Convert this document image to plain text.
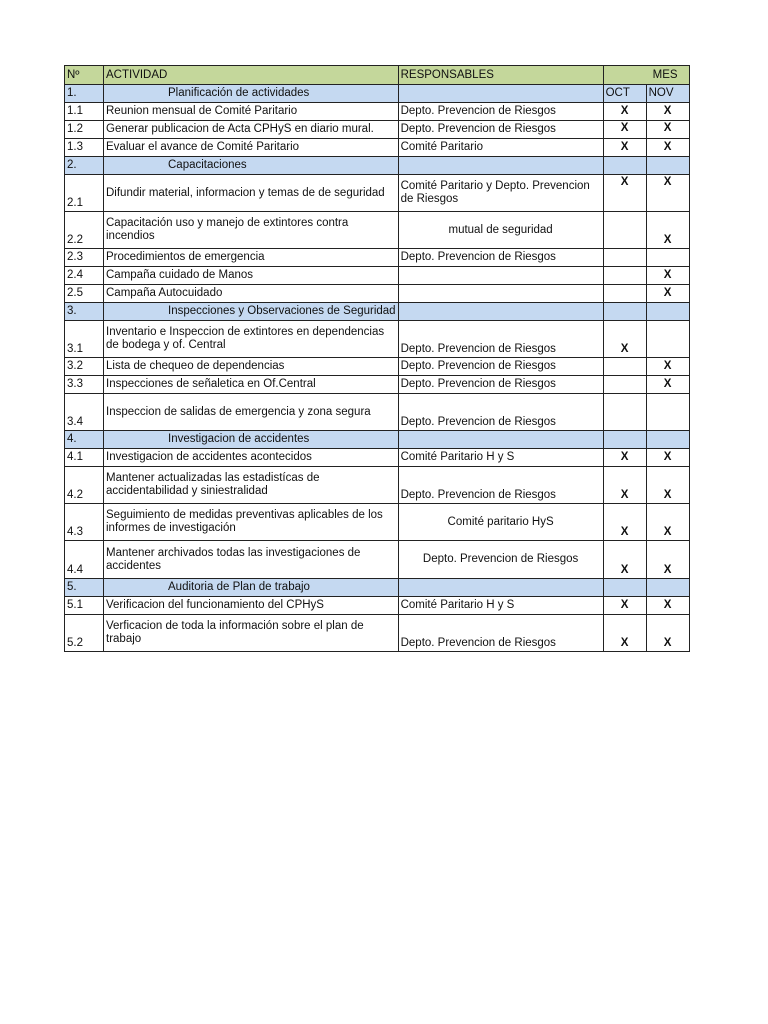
Nº	ACTIVIDAD	RESPONSABLES	MES	
1.	Planificación de actividades		OCT	NOV
1.1	Reunion mensual de Comité Paritario	Depto. Prevencion de Riesgos	X	X
1.2	Generar publicacion de Acta CPHyS en diario mural.	Depto. Prevencion de Riesgos	X	X
1.3	Evaluar el avance de Comité Paritario	Comité Paritario	X	X
2.	Capacitaciones			
2.1	Difundir material, informacion y temas de de seguridad	Comité Paritario y Depto. Prevencion de Riesgos	X	X
2.2	Capacitación uso y manejo de extintores contra incendios	mutual de seguridad		X
2.3	Procedimientos de emergencia	Depto. Prevencion de Riesgos		
2.4	Campaña cuidado de Manos			X
2.5	Campaña Autocuidado			X
3.	Inspecciones y Observaciones de Seguridad			
3.1	Inventario e Inspeccion de extintores en dependencias de bodega y of. Central	Depto. Prevencion de Riesgos	X	
3.2	Lista de chequeo de dependencias	Depto. Prevencion de Riesgos		X
3.3	Inspecciones de señaletica en Of.Central	Depto. Prevencion de Riesgos		X
3.4	Inspeccion de salidas de emergencia y zona segura	Depto. Prevencion de Riesgos		
4.	Investigacion de accidentes			
4.1	Investigacion de accidentes acontecidos	Comité Paritario H y S	X	X
4.2	Mantener actualizadas las estadistícas de accidentabilidad y siniestralidad	Depto. Prevencion de Riesgos	X	X
4.3	Seguimiento de medidas preventivas aplicables de los informes de investigación	Comité paritario HyS	X	X
4.4	Mantener archivados todas las investigaciones de accidentes	Depto. Prevencion de Riesgos	X	X
5.	Auditoria de Plan de trabajo			
5.1	Verificacion del funcionamiento del CPHyS	Comité Paritario H y S	X	X
5.2	Verficacion de toda la información sobre el plan de trabajo	Depto. Prevencion de Riesgos	X	X
